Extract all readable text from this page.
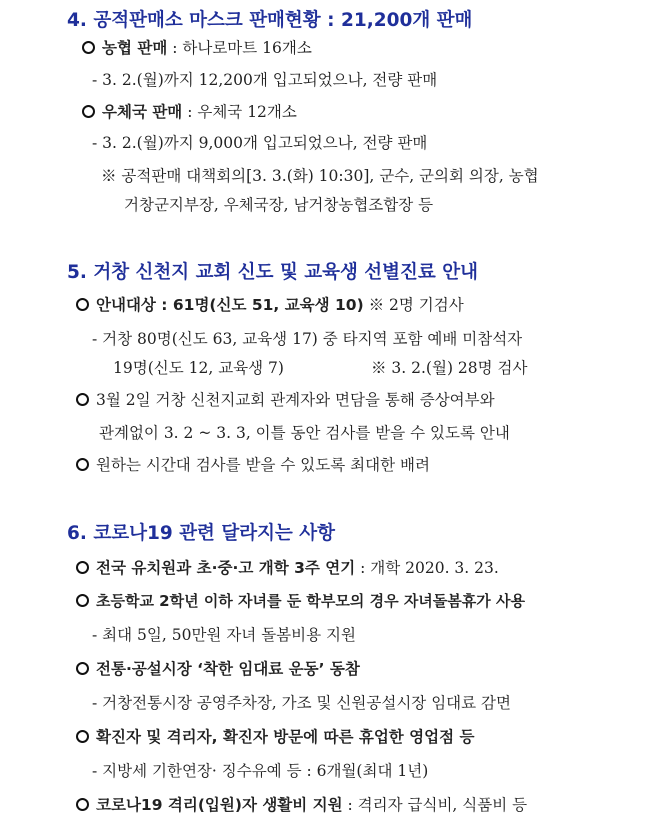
4. 공적판매소 마스크 판매현황 : 21,200개 판매
농협 판매 : 하나로마트 16개소
- 3. 2.(월)까지 12,200개 입고되었으나, 전량 판매
우체국 판매 : 우체국 12개소
- 3. 2.(월)까지 9,000개 입고되었으나, 전량 판매
※ 공적판매 대책회의[3. 3.(화) 10:30], 군수, 군의회 의장, 농협
거창군지부장, 우체국장, 남거창농협조합장 등
5. 거창 신천지 교회 신도 및 교육생 선별진료 안내
안내대상 : 61명(신도 51, 교육생 10) ※ 2명 기검사
- 거창 80명(신도 63, 교육생 17) 중 타지역 포함 예배 미참석자
19명(신도 12, 교육생 7)	※ 3. 2.(월) 28명 검사
3월 2일 거창 신천지교회 관계자와 면담을 통해 증상여부와
관계없이 3. 2 ~ 3. 3, 이틀 동안 검사를 받을 수 있도록 안내
원하는 시간대 검사를 받을 수 있도록 최대한 배려
6. 코로나19 관련 달라지는 사항
전국 유치원과 초·중·고 개학 3주 연기 : 개학 2020. 3. 23.
초등학교 2학년 이하 자녀를 둔 학부모의 경우 자녀돌봄휴가 사용
- 최대 5일, 50만원 자녀 돌봄비용 지원
전통·공설시장 ‘착한 임대료 운동’ 동참
- 거창전통시장 공영주차장, 가조 및 신원공설시장 임대료 감면
확진자 및 격리자, 확진자 방문에 따른 휴업한 영업점 등
- 지방세 기한연장· 징수유예 등 : 6개월(최대 1년)
코로나19 격리(입원)자 생활비 지원 : 격리자 급식비, 식품비 등
